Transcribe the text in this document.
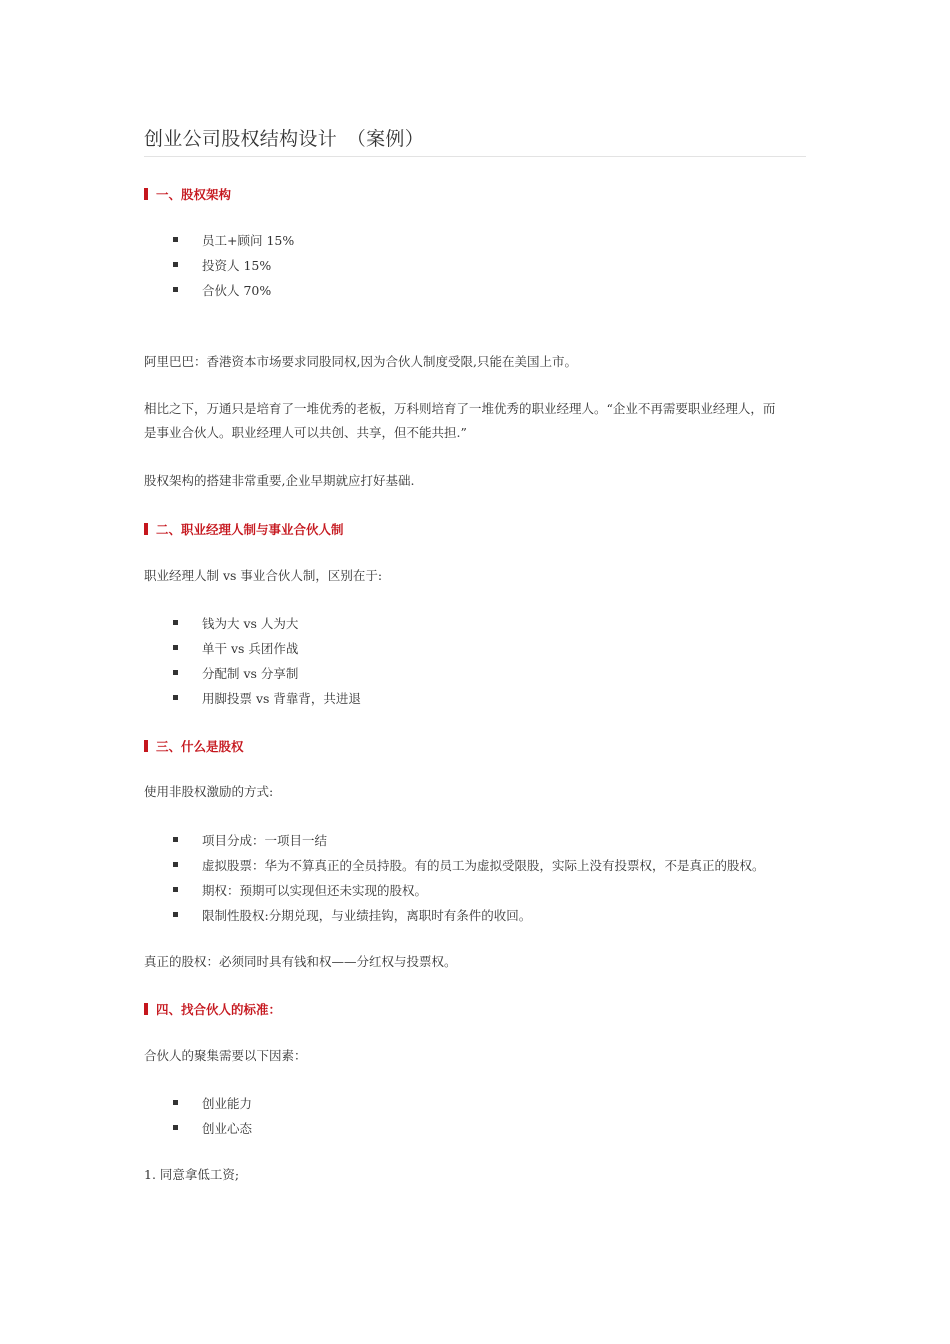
创业公司股权结构设计　（案例）
一、股权架构
员工+顾问 15%
投资人 15%
合伙人 70%
阿里巴巴：香港资本市场要求同股同权,因为合伙人制度受限,只能在美国上市。
相比之下，万通只是培育了一堆优秀的老板，万科则培育了一堆优秀的职业经理人。“企业不再需要职业经理人，而
是事业合伙人。职业经理人可以共创、共享，但不能共担.”
股权架构的搭建非常重要,企业早期就应打好基础.
二、职业经理人制与事业合伙人制
职业经理人制 vs 事业合伙人制，区别在于:
钱为大 vs 人为大
单干 vs 兵团作战
分配制 vs 分享制
用脚投票 vs 背靠背，共进退
三、什么是股权
使用非股权激励的方式:
项目分成：一项目一结
虚拟股票：华为不算真正的全员持股。有的员工为虚拟受限股，实际上没有投票权，不是真正的股权。
期权：预期可以实现但还未实现的股权。
限制性股权:分期兑现，与业绩挂钩，离职时有条件的收回。
真正的股权：必须同时具有钱和权——分红权与投票权。
四、找合伙人的标准：
合伙人的聚集需要以下因素：
创业能力
创业心态
1. 同意拿低工资;
